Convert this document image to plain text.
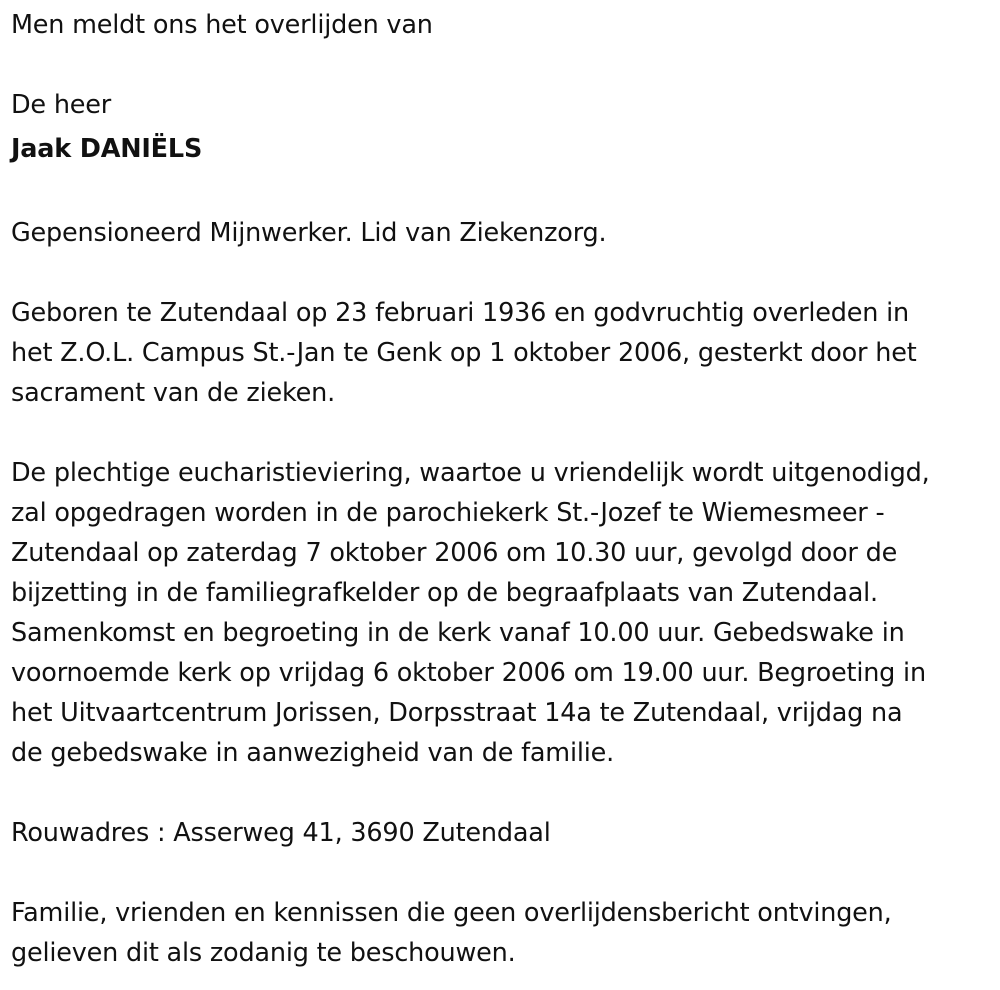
Men meldt ons het overlijden van

De heer

Jaak DANIËLS

Gepensioneerd Mijnwerker. Lid van Ziekenzorg.

Geboren te Zutendaal op 23 februari 1936 en godvruchtig overleden in
het Z.O.L. Campus St.-Jan te Genk op 1 oktober 2006, gesterkt door het
sacrament van de zieken.

De plechtige eucharistieviering, waartoe u vriendelijk wordt uitgenodigd,
zal opgedragen worden in de parochiekerk St.-Jozef te Wiemesmeer -
Zutendaal op zaterdag 7 oktober 2006 om 10.30 uur, gevolgd door de
bijzetting in de familiegrafkelder op de begraafplaats van Zutendaal.
Samenkomst en begroeting in de kerk vanaf 10.00 uur. Gebedswake in
voornoemde kerk op vrijdag 6 oktober 2006 om 19.00 uur. Begroeting in
het Uitvaartcentrum Jorissen, Dorpsstraat 14a te Zutendaal, vrijdag na
de gebedswake in aanwezigheid van de familie.

Rouwadres : Asserweg 41, 3690 Zutendaal

Familie, vrienden en kennissen die geen overlijdensbericht ontvingen,
gelieven dit als zodanig te beschouwen.
